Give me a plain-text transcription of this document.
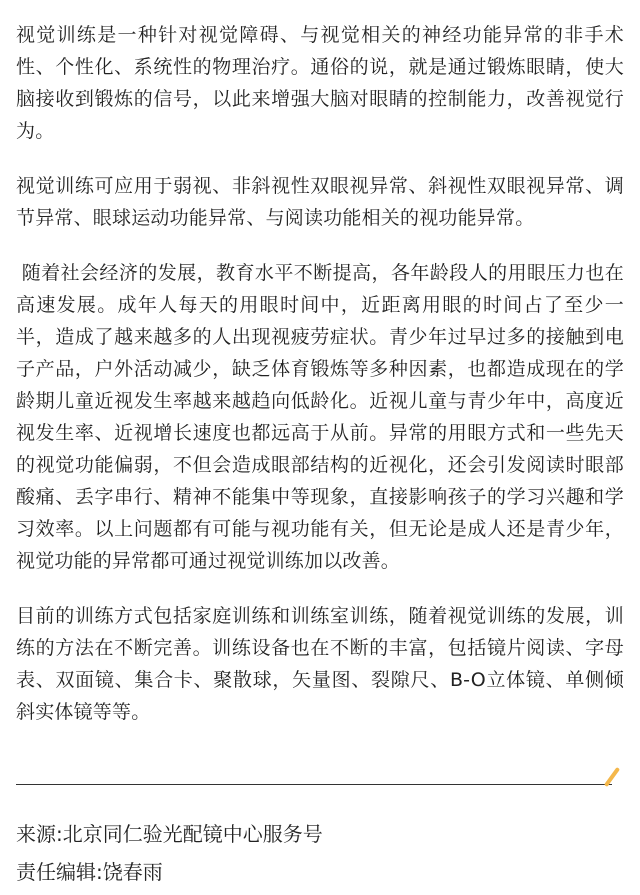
视觉训练是一种针对视觉障碍、与视觉相关的神经功能异常的非手术性、个性化、系统性的物理治疗。通俗的说，就是通过锻炼眼睛，使大脑接收到锻炼的信号，以此来增强大脑对眼睛的控制能力，改善视觉行为。

视觉训练可应用于弱视、非斜视性双眼视异常、斜视性双眼视异常、调节异常、眼球运动功能异常、与阅读功能相关的视功能异常。

随着社会经济的发展，教育水平不断提高，各年龄段人的用眼压力也在高速发展。成年人每天的用眼时间中，近距离用眼的时间占了至少一半，造成了越来越多的人出现视疲劳症状。青少年过早过多的接触到电子产品，户外活动减少，缺乏体育锻炼等多种因素，也都造成现在的学龄期儿童近视发生率越来越趋向低龄化。近视儿童与青少年中，高度近视发生率、近视增长速度也都远高于从前。异常的用眼方式和一些先天的视觉功能偏弱，不但会造成眼部结构的近视化，还会引发阅读时眼部酸痛、丢字串行、精神不能集中等现象，直接影响孩子的学习兴趣和学习效率。以上问题都有可能与视功能有关，但无论是成人还是青少年，视觉功能的异常都可通过视觉训练加以改善。

目前的训练方式包括家庭训练和训练室训练，随着视觉训练的发展，训练的方法在不断完善。训练设备也在不断的丰富，包括镜片阅读、字母表、双面镜、集合卡、聚散球，矢量图、裂隙尺、B-O立体镜、单侧倾斜实体镜等等。

来源:北京同仁验光配镜中心服务号
责任编辑:饶春雨
